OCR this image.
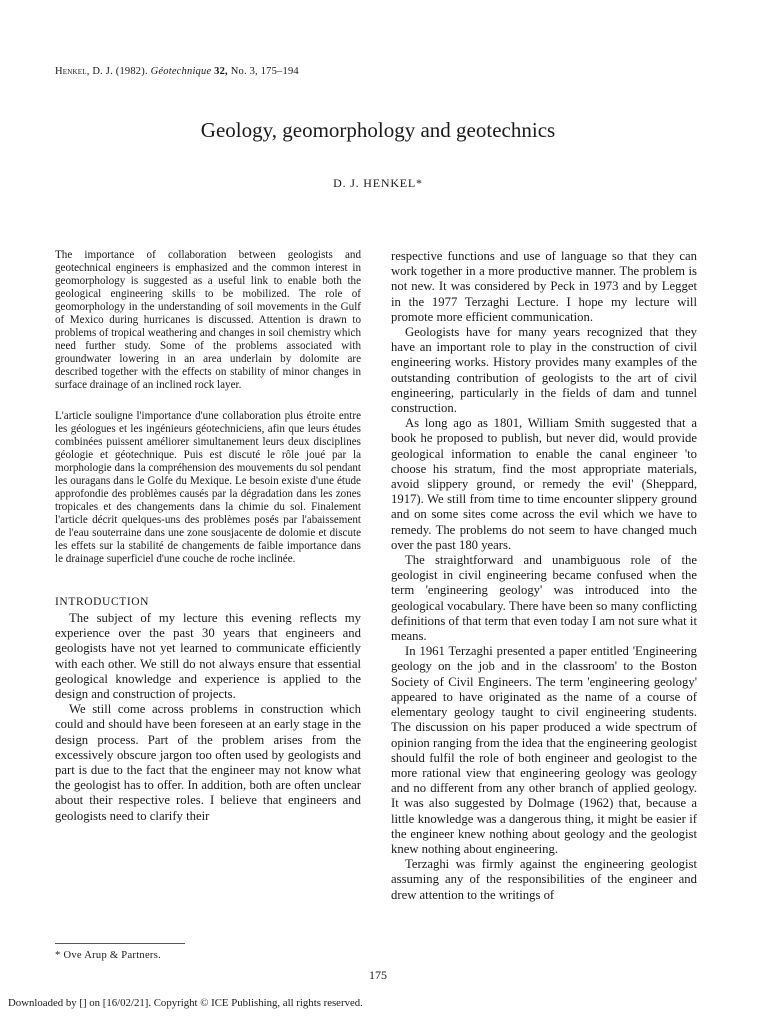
Henkel, D. J. (1982). Géotechnique 32, No. 3, 175–194
Geology, geomorphology and geotechnics
D. J. HENKEL*

The importance of collaboration between geologists and geotechnical engineers is emphasized and the common interest in geomorphology is suggested as a useful link to enable both the geological engineering skills to be mobilized. The role of geomorphology in the understanding of soil movements in the Gulf of Mexico during hurricanes is discussed. Attention is drawn to problems of tropical weathering and changes in soil chemistry which need further study. Some of the problems associated with groundwater lowering in an area underlain by dolomite are described together with the effects on stability of minor changes in surface drainage of an inclined rock layer.

L'article souligne l'importance d'une collaboration plus étroite entre les géologues et les ingénieurs géotechniciens, afin que leurs études combinées puissent améliorer simultanement leurs deux disciplines géologie et géotechnique. Puis est discuté le rôle joué par la morphologie dans la compréhension des mouvements du sol pendant les ouragans dans le Golfe du Mexique. Le besoin existe d'une étude approfondie des problèmes causés par la dégradation dans les zones tropicales et des changements dans la chimie du sol. Finalement l'article décrit quelques-uns des problèmes posés par l'abaissement de l'eau souterraine dans une zone sousjacente de dolomie et discute les effets sur la stabilité de changements de faible importance dans le drainage superficiel d'une couche de roche inclinée.

INTRODUCTION

The subject of my lecture this evening reflects my experience over the past 30 years that engineers and geologists have not yet learned to communicate efficiently with each other. We still do not always ensure that essential geological knowledge and experience is applied to the design and construction of projects.

We still come across problems in construction which could and should have been foreseen at an early stage in the design process. Part of the problem arises from the excessively obscure jargon too often used by geologists and part is due to the fact that the engineer may not know what the geologist has to offer. In addition, both are often unclear about their respective roles. I believe that engineers and geologists need to clarify their

respective functions and use of language so that they can work together in a more productive manner. The problem is not new. It was considered by Peck in 1973 and by Legget in the 1977 Terzaghi Lecture. I hope my lecture will promote more efficient communication.

Geologists have for many years recognized that they have an important role to play in the construction of civil engineering works. History provides many examples of the outstanding contribution of geologists to the art of civil engineering, particularly in the fields of dam and tunnel construction.

As long ago as 1801, William Smith suggested that a book he proposed to publish, but never did, would provide geological information to enable the canal engineer 'to choose his stratum, find the most appropriate materials, avoid slippery ground, or remedy the evil' (Sheppard, 1917). We still from time to time encounter slippery ground and on some sites come across the evil which we have to remedy. The problems do not seem to have changed much over the past 180 years.

The straightforward and unambiguous role of the geologist in civil engineering became confused when the term 'engineering geology' was introduced into the geological vocabulary. There have been so many conflicting definitions of that term that even today I am not sure what it means.

In 1961 Terzaghi presented a paper entitled 'Engineering geology on the job and in the classroom' to the Boston Society of Civil Engineers. The term 'engineering geology' appeared to have originated as the name of a course of elementary geology taught to civil engineering students. The discussion on his paper produced a wide spectrum of opinion ranging from the idea that the engineering geologist should fulfil the role of both engineer and geologist to the more rational view that engineering geology was geology and no different from any other branch of applied geology. It was also suggested by Dolmage (1962) that, because a little knowledge was a dangerous thing, it might be easier if the engineer knew nothing about geology and the geologist knew nothing about engineering.

Terzaghi was firmly against the engineering geologist assuming any of the responsibilities of the engineer and drew attention to the writings of

* Ove Arup & Partners.
175
Downloaded by [] on [16/02/21]. Copyright © ICE Publishing, all rights reserved.
